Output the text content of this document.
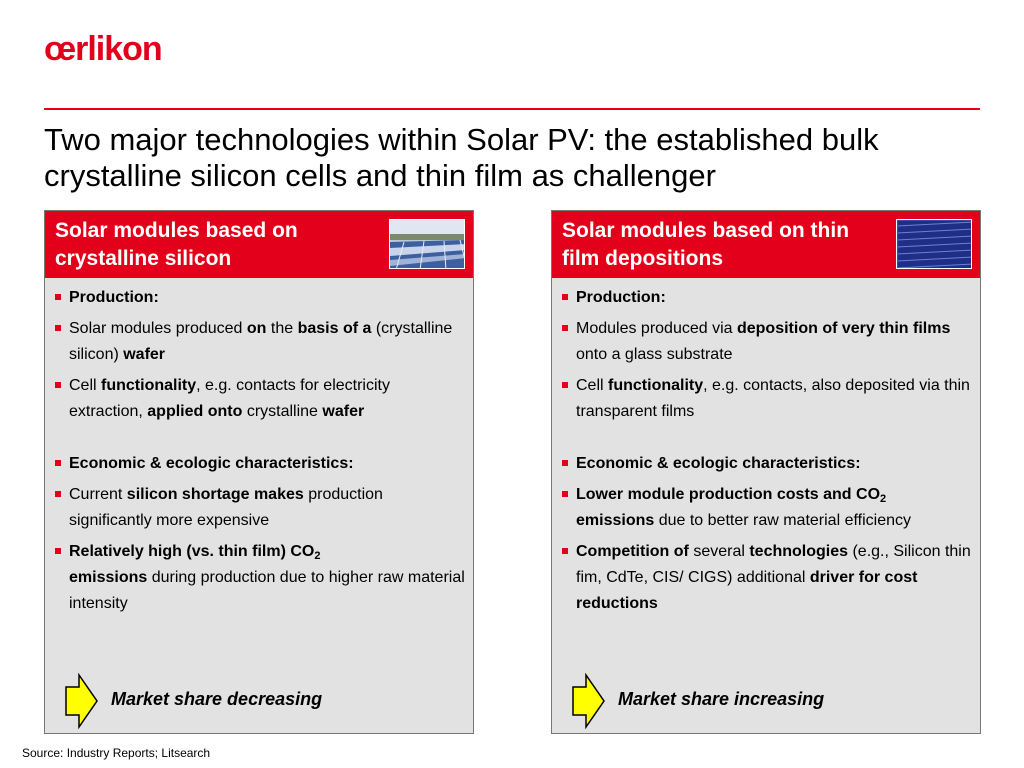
œrlikon
Two major technologies within Solar PV: the established bulk crystalline silicon cells and thin film as challenger
Solar modules based on crystalline silicon
Production:
Solar modules produced on the basis of a (crystalline silicon) wafer
Cell functionality, e.g. contacts for electricity extraction, applied onto crystalline wafer
Economic & ecologic characteristics:
Current silicon shortage makes production significantly more expensive
Relatively high (vs. thin film) $CO_2$
emissions during production due to higher raw material intensity
Market share decreasing
Solar modules based on thin film depositions
Production:
Modules produced via deposition of very thin films onto a glass substrate
Cell functionality, e.g. contacts, also deposited via thin transparent films
Economic & ecologic characteristics:
Lower module production costs and $CO_2$
emissions due to better raw material efficiency
Competition of several technologies (e.g., Silicon thin fim, CdTe, CIS/ CIGS) additional driver for cost reductions
Market share increasing
Source: Industry Reports; Litsearch
